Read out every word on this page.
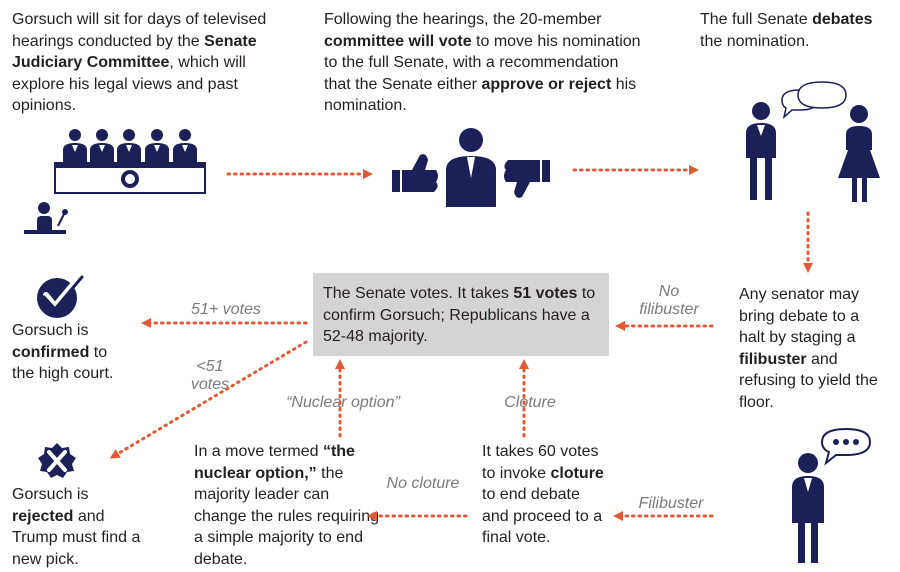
Gorsuch will sit for days of televised hearings conducted by the Senate Judiciary Committee, which will explore his legal views and past opinions.
Following the hearings, the 20-member committee will vote to move his nomination to the full Senate, with a recommendation that the Senate either approve or reject his nomination.
The full Senate debates the nomination.
Any senator may bring debate to a halt by staging a filibuster and refusing to yield the floor.
The Senate votes. It takes 51 votes to confirm Gorsuch; Republicans have a 52-48 majority.
Gorsuch is confirmed to the high court.
Gorsuch is rejected and Trump must find a new pick.
In a move termed “the nuclear option,” the majority leader can change the rules requiring a simple majority to end debate.
It takes 60 votes to invoke cloture to end debate and proceed to a final vote.
51+ votes
<51 votes
No filibuster
“Nuclear option”	Cloture
No cloture
Filibuster
